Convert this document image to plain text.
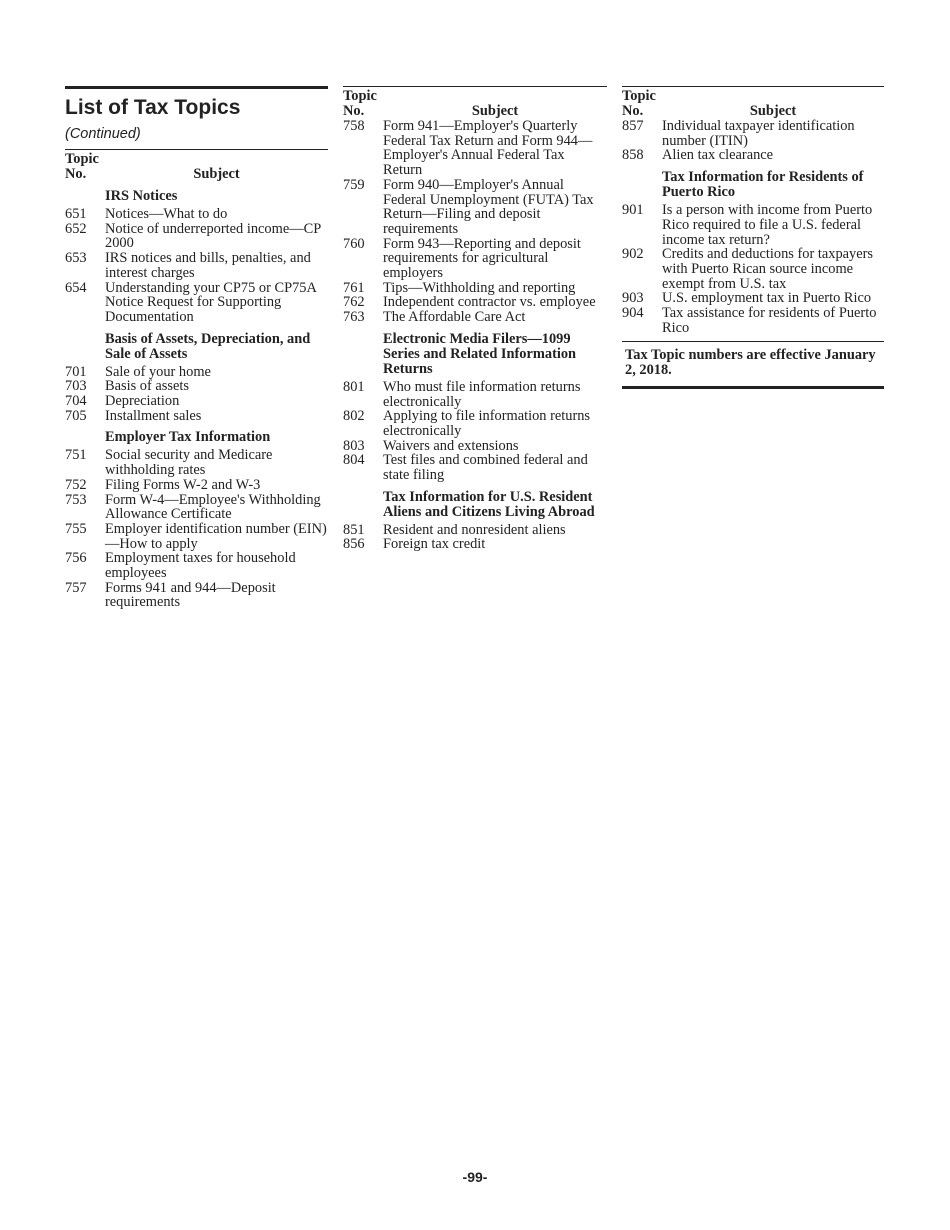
List of Tax Topics
(Continued)
Topic
No.	Subject
IRS Notices
651	Notices—What to do
652	Notice of underreported income—CP 2000
653	IRS notices and bills, penalties, and interest charges
654	Understanding your CP75 or CP75A Notice Request for Supporting Documentation
Basis of Assets, Depreciation, and Sale of Assets
701	Sale of your home
703	Basis of assets
704	Depreciation
705	Installment sales
Employer Tax Information
751	Social security and Medicare withholding rates
752	Filing Forms W-2 and W-3
753	Form W-4—Employee's Withholding Allowance Certificate
755	Employer identification number (EIN)—How to apply
756	Employment taxes for household employees
757	Forms 941 and 944—Deposit requirements
Topic
No.	Subject
758	Form 941—Employer's Quarterly Federal Tax Return and Form 944—Employer's Annual Federal Tax Return
759	Form 940—Employer's Annual Federal Unemployment (FUTA) Tax Return—Filing and deposit requirements
760	Form 943—Reporting and deposit requirements for agricultural employers
761	Tips—Withholding and reporting
762	Independent contractor vs. employee
763	The Affordable Care Act
Electronic Media Filers—1099 Series and Related Information Returns
801	Who must file information returns electronically
802	Applying to file information returns electronically
803	Waivers and extensions
804	Test files and combined federal and state filing
Tax Information for U.S. Resident Aliens and Citizens Living Abroad
851	Resident and nonresident aliens
856	Foreign tax credit
Topic
No.	Subject
857	Individual taxpayer identification number (ITIN)
858	Alien tax clearance
Tax Information for Residents of Puerto Rico
901	Is a person with income from Puerto Rico required to file a U.S. federal income tax return?
902	Credits and deductions for taxpayers with Puerto Rican source income exempt from U.S. tax
903	U.S. employment tax in Puerto Rico
904	Tax assistance for residents of Puerto Rico
Tax Topic numbers are effective January 2, 2018.
-99-
